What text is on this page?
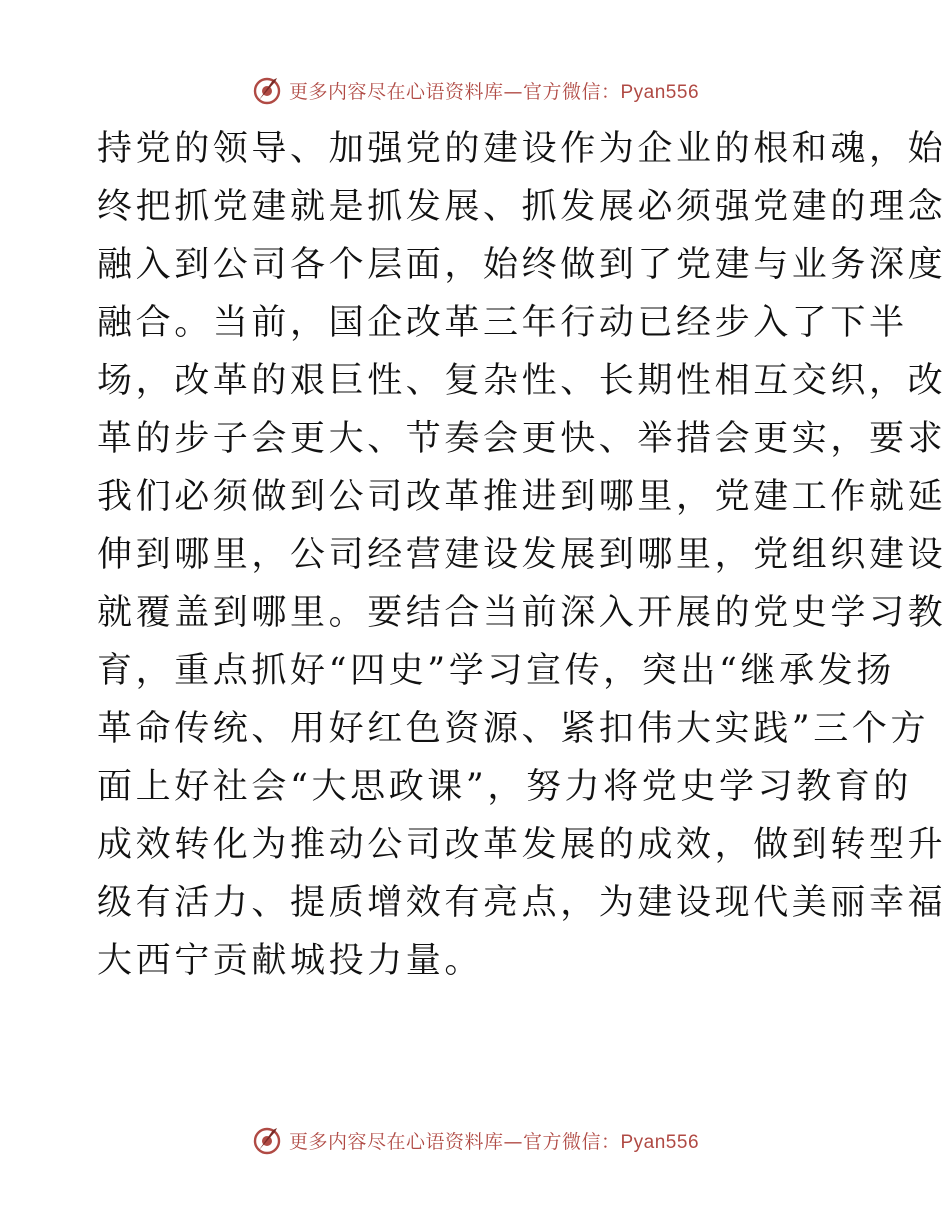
更多内容尽在心语资料库—官方微信：Pyan556
持党的领导、加强党的建设作为企业的根和魂，始
终把抓党建就是抓发展、抓发展必须强党建的理念
融入到公司各个层面，始终做到了党建与业务深度
融合。当前，国企改革三年行动已经步入了下半
场，改革的艰巨性、复杂性、长期性相互交织，改
革的步子会更大、节奏会更快、举措会更实，要求
我们必须做到公司改革推进到哪里，党建工作就延
伸到哪里，公司经营建设发展到哪里，党组织建设
就覆盖到哪里。要结合当前深入开展的党史学习教
育，重点抓好“四史”学习宣传，突出“继承发扬
革命传统、用好红色资源、紧扣伟大实践”三个方
面上好社会“大思政课”，努力将党史学习教育的
成效转化为推动公司改革发展的成效，做到转型升
级有活力、提质增效有亮点，为建设现代美丽幸福
大西宁贡献城投力量。
更多内容尽在心语资料库—官方微信：Pyan556
